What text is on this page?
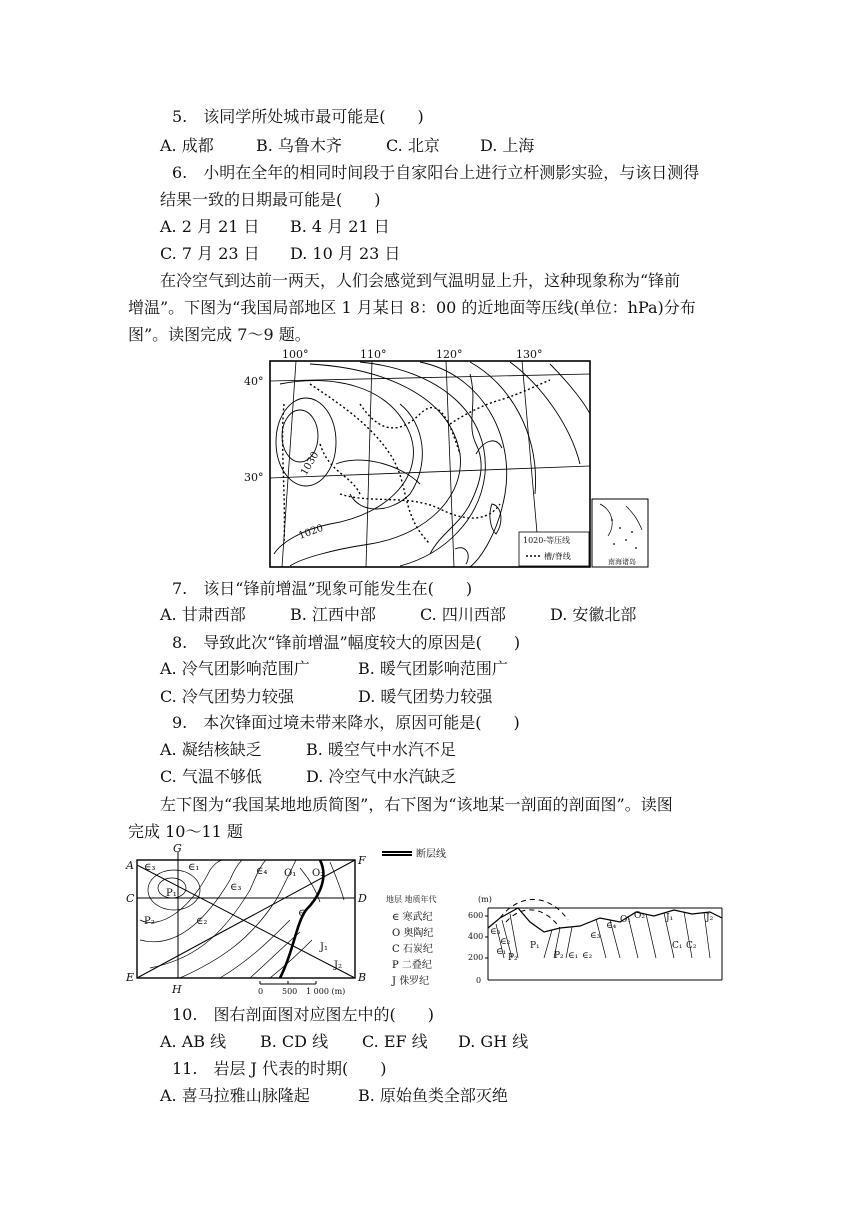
5.　该同学所处城市最可能是(　　)
A. 成都	B. 乌鲁木齐	C. 北京	D. 上海
6.　小明在全年的相同时间段于自家阳台上进行立杆测影实验，与该日测得
结果一致的日期最可能是(　　)
A. 2 月 21 日 B. 4 月 21 日
C. 7 月 23 日 D. 10 月 23 日
在冷空气到达前一两天，人们会感觉到气温明显上升，这种现象称为“锋前
增温”。下图为“我国局部地区 1 月某日 8：00 的近地面等压线(单位：hPa)分布
图”。读图完成 7～9 题。
100°	110°	120°	130°
40°
30°	1030
1020	1020-等压线
槽/脊线
南海诸岛
7.　该日“锋前增温”现象可能发生在(　　)
A. 甘肃西部	B. 江西中部	C. 四川西部	D. 安徽北部
8.　导致此次“锋前增温”幅度较大的原因是(　　)
A. 冷气团影响范围广	B. 暖气团影响范围广
C. 冷气团势力较强	D. 暖气团势力较强
9.　本次锋面过境未带来降水，原因可能是(　　)
A. 凝结核缺乏	B. 暖空气中水汽不足
C. 气温不够低	D. 冷空气中水汽缺乏
左下图为“我国某地地质简图”，右下图为“该地某一剖面的剖面图”。读图
完成 10～11 题
A
G
F
C	D
E
H
B
∈₃	∈₁	∈₄ O₁ O₂
∈₃
P₁
P₂	∈₂
∈
J₁
J₂
0 500 1 000 (m)
断层线
地层 地质年代
∈ 寒武纪
O 奥陶纪
C 石炭纪
P 二叠纪
J 侏罗纪
(m)
600
400
200
0
∈₃
∈₂
∈₁
P₂
P₁
P₂ ∈₁ ∈₂
∈₃
∈₄
O₁ O₂ J₁
C₁ C₂
J₂
10.　图右剖面图对应图左中的(　　)
A. AB 线 B. CD 线 C. EF 线 D. GH 线
11.　岩层 J 代表的时期(　　)
A. 喜马拉雅山脉隆起	B. 原始鱼类全部灭绝
